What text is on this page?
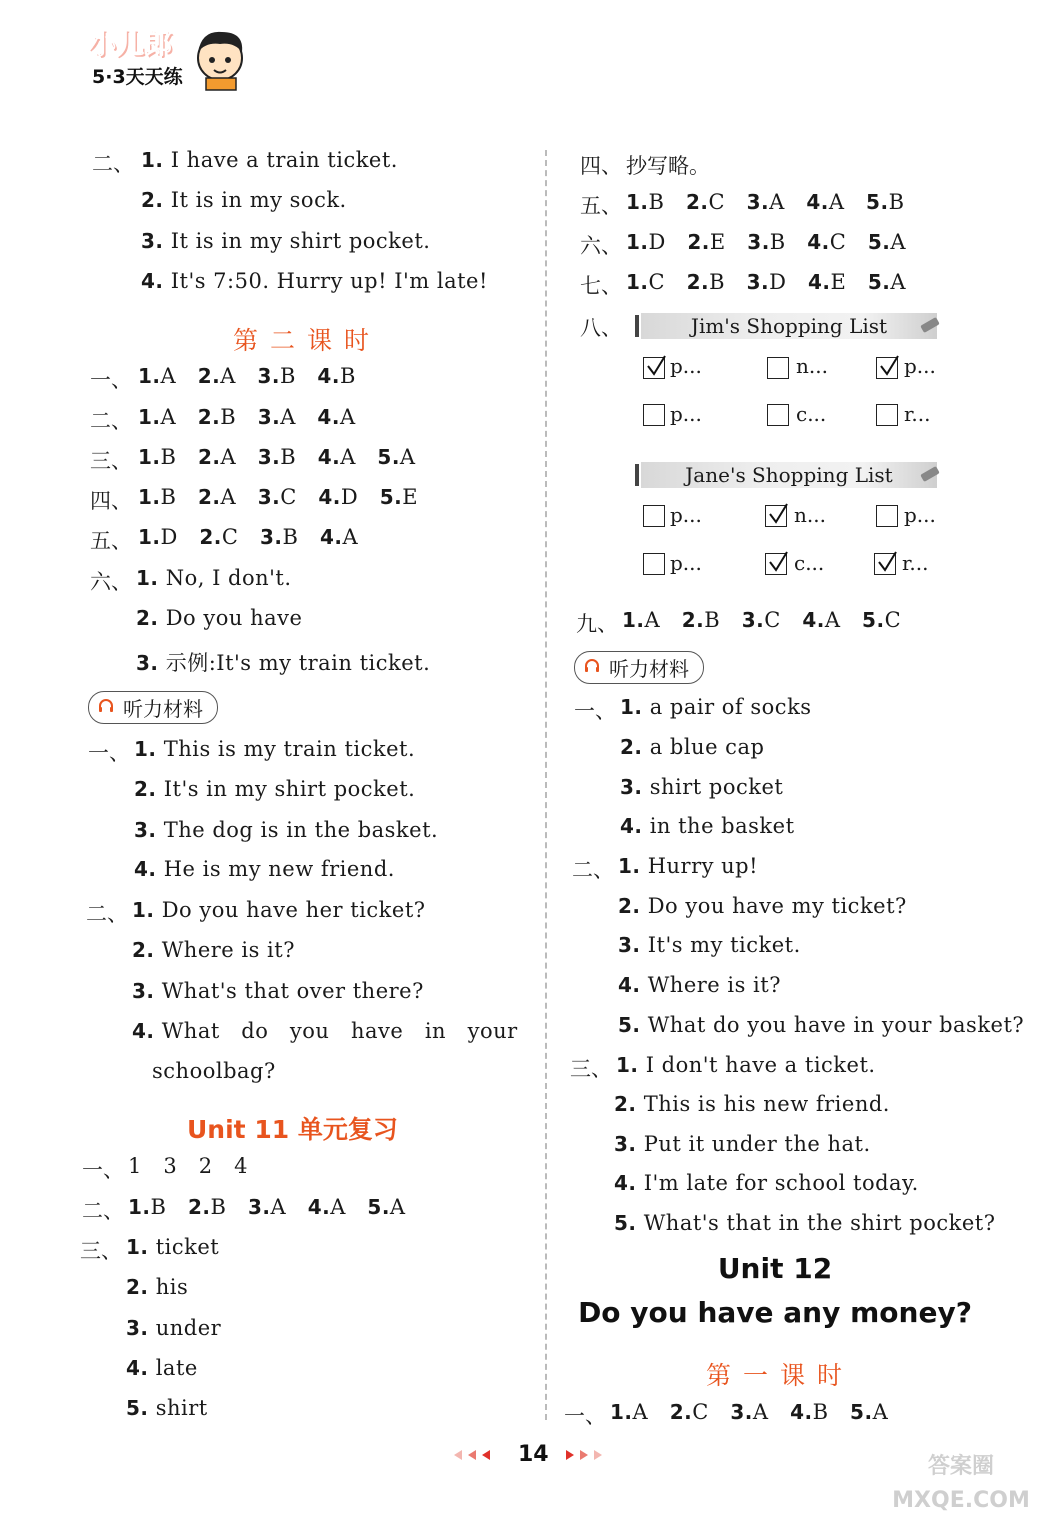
小儿郎
5·3天天练
二、 1. I have a train ticket.
2. It is in my sock.
3. It is in my shirt pocket.
4. It's 7:50. Hurry up! I'm late!
第二课时
一、 1.A 2.A 3.B 4.B
二、 1.A 2.B 3.A 4.A
三、 1.B 2.A 3.B 4.A 5.A
四、 1.B 2.A 3.C 4.D 5.E
五、 1.D 2.C 3.B 4.A
六、 1. No, I don't.
2. Do you have
3. 示例:It's my train ticket.
听力材料
一、 1. This is my train ticket.
2. It's in my shirt pocket.
3. The dog is in the basket.
4. He is my new friend.
二、 1. Do you have her ticket?
2. Where is it?
3. What's that over there?
4. What   do   you   have   in   your
schoolbag?
Unit 11 单元复习
一、 1   3   2   4
二、 1.B 2.B 3.A 4.A 5.A
三、 1. ticket
2. his
3. under
4. late
5. shirt
四、 抄写略。
五、 1.B 2.C 3.A 4.A 5.B
六、 1.D 2.E 3.B 4.C 5.A
七、 1.C 2.B 3.D 4.E 5.A
八、	Jim's Shopping List
p...	n...	p...
p...	c...	r...
Jane's Shopping List
p...	n...	p...
p...	c...	r...
九、 1.A 2.B 3.C 4.A 5.C
听力材料
一、 1. a pair of socks
2. a blue cap
3. shirt pocket
4. in the basket
二、 1. Hurry up!
2. Do you have my ticket?
3. It's my ticket.
4. Where is it?
5. What do you have in your basket?
三、 1. I don't have a ticket.
2. This is his new friend.
3. Put it under the hat.
4. I'm late for school today.
5. What's that in the shirt pocket?
Unit 12
Do you have any money?
第一课时
一、 1.A 2.C 3.A 4.B 5.A
14	答案圈 MXQE.COM
